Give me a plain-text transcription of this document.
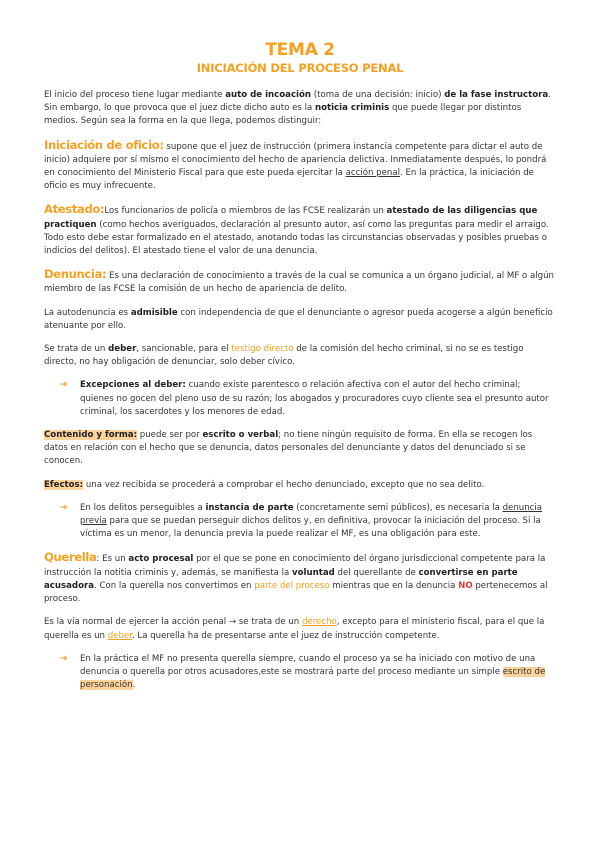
TEMA 2
INICIACIÓN DEL PROCESO PENAL

El inicio del proceso tiene lugar mediante auto de incoación (toma de una decisión: inicio) de la fase instructora. Sin embargo, lo que provoca que el juez dicte dicho auto es la noticia criminis que puede llegar por distintos medios. Según sea la forma en la que llega, podemos distinguir:

Iniciación de oficio: supone que el juez de instrucción (primera instancia competente para dictar el auto de inicio) adquiere por sí mismo el conocimiento del hecho de apariencia delictiva. Inmediatamente después, lo pondrá en conocimiento del Ministerio Fiscal para que este pueda ejercitar la acción penal. En la práctica, la iniciación de oficio es muy infrecuente.

Atestado:Los funcionarios de policía o miembros de las FCSE realizarán un atestado de las diligencias que practiquen (como hechos averiguados, declaración al presunto autor, así como las preguntas para medir el arraigo. Todo esto debe estar formalizado en el atestado, anotando todas las circunstancias observadas y posibles pruebas o indicios del delitos). El atestado tiene el valor de una denuncia.

Denuncia: Es una declaración de conocimiento a través de la cual se comunica a un órgano judicial, al MF o algún miembro de las FCSE la comisión de un hecho de apariencia de delito.

La autodenuncia es admisible con independencia de que el denunciante o agresor pueda acogerse a algún beneficio atenuante por ello.

Se trata de un deber, sancionable, para el testigo directo de la comisión del hecho criminal, si no se es testigo directo, no hay obligación de denunciar, solo deber cívico.

➔	Excepciones al deber: cuando existe parentesco o relación afectiva con el autor del hecho criminal; quienes no gocen del pleno uso de su razón; los abogados y procuradores cuyo cliente sea el presunto autor criminal, los sacerdotes y los menores de edad.

Contenido y forma: puede ser por escrito o verbal; no tiene ningún requisito de forma. En ella se recogen los datos en relación con el hecho que se denuncia, datos personales del denunciante y datos del denunciado si se conocen.

Efectos: una vez recibida se procederá a comprobar el hecho denunciado, excepto que no sea delito.

➔	En los delitos perseguibles a instancia de parte (concretamente semi públicos), es necesaria la denuncia previa para que se puedan perseguir dichos delitos y, en definitiva, provocar la iniciación del proceso. Si la víctima es un menor, la denuncia previa la puede realizar el MF, es una obligación para este.

Querella: Es un acto procesal por el que se pone en conocimiento del órgano jurisdiccional competente para la instrucción la notitia criminis y, además, se manifiesta la voluntad del querellante de convertirse en parte acusadora. Con la querella nos convertimos en parte del proceso mientras que en la denuncia NO pertenecemos al proceso.

Es la vía normal de ejercer la acción penal → se trata de un derecho, excepto para el ministerio fiscal, para el que la querella es un deber. La querella ha de presentarse ante el juez de instrucción competente.

➔	En la práctica el MF no presenta querella siempre, cuando el proceso ya se ha iniciado con motivo de una denuncia o querella por otros acusadores,este se mostrará parte del proceso mediante un simple escrito de personación.
